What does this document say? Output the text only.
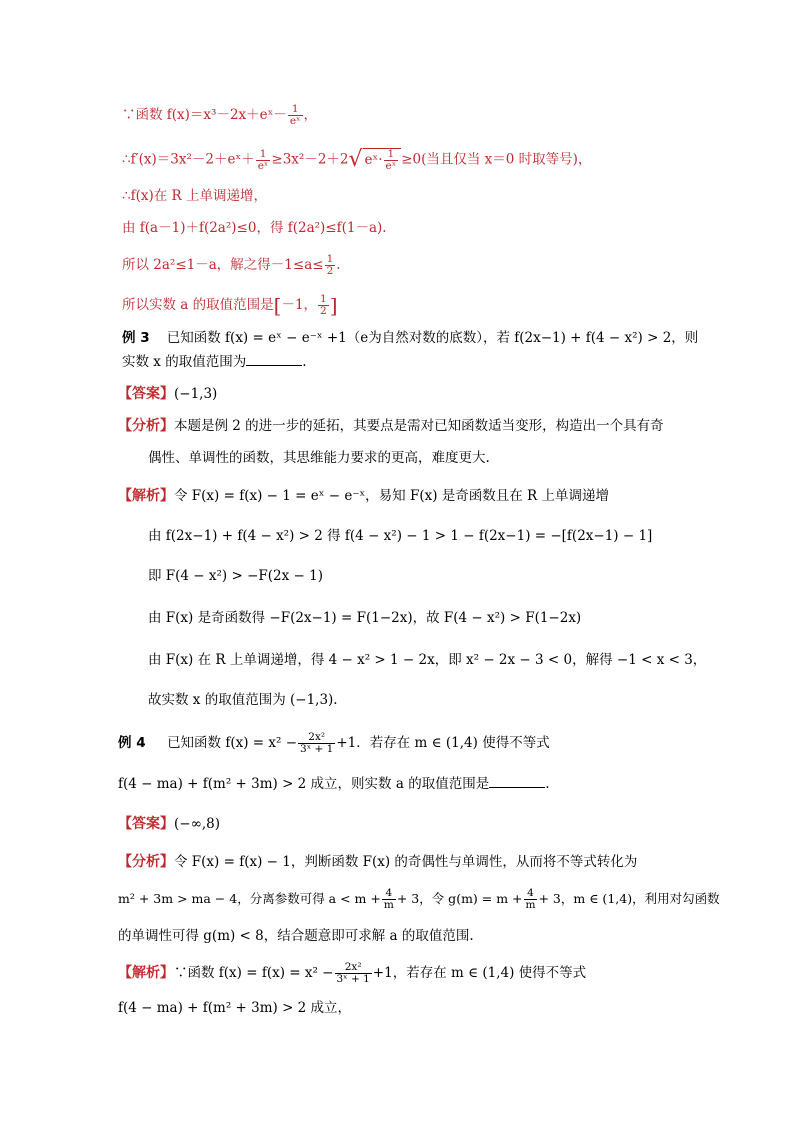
∵函数 f(x)＝x³－2x＋eˣ－ $\frac{1}{\text{eˣ}}$ ，
∴f′(x)＝3x²－2＋eˣ＋ $\frac{1}{\text{eˣ}} \ge 3x^2-2+2√$ eˣ· $\frac{1}{\text{eˣ}} \ge 0$(当且仅当 x＝0 时取等号)，
∴f(x)在 R 上单调递增，
由 f(a－1)＋f(2a²)≤0，得 f(2a²)≤f(1－a).
所以 2a²≤1－a，解之得$-1\le a\le \frac{1}{2}$ .
所以实数 a 的取值范围是[－1， $\frac{1}{2}$ ]
例 3 已知函数 f(x) = eˣ − e⁻ˣ +1（e为自然对数的底数），若 f(2x−1) + f(4 − x²) > 2，则
实数 x 的取值范围为	.
【答案】(−1,3)
【分析】本题是例 2 的进一步的延拓，其要点是需对已知函数适当变形，构造出一个具有奇
偶性、单调性的函数，其思维能力要求的更高，难度更大.
【解析】令 F(x) = f(x) − 1 = eˣ − e⁻ˣ，易知 F(x) 是奇函数且在 R 上单调递增
由 f(2x−1) + f(4 − x²) > 2 得 f(4 − x²) − 1 > 1 − f(2x−1) = −[f(2x−1) − 1]
即 F(4 − x²) > −F(2x − 1)
由 F(x) 是奇函数得 −F(2x−1) = F(1−2x)，故 F(4 − x²) > F(1−2x)
由 F(x) 在 R 上单调递增，得 4 − x² > 1 − 2x，即 x² − 2x − 3 < 0，解得 −1 < x < 3，
故实数 x 的取值范围为 (−1,3).
例 4 已知函数 $f(x) = x^2 - \frac{\text{2x²}}{\text{3ˣ + 1}} +1$．若存在 m ∈ (1,4) 使得不等式
f(4 − ma) + f(m² + 3m) > 2 成立，则实数 a 的取值范围是	.
【答案】(−∞,8)
【分析】令 F(x) = f(x) − 1，判断函数 F(x) 的奇偶性与单调性，从而将不等式转化为
m² + 3m > ma − 4，分离参数可得 $a < m + \frac{4}{m} + 3$，令 $g(m) = m + \frac{4}{m} + 3$，m ∈ (1,4)，利用对勾函数
的单调性可得 g(m) < 8，结合题意即可求解 a 的取值范围.
【解析】∵函数 $f(x) = f(x) = x^2 - \frac{\text{2x²}}{\text{3ˣ + 1}} +1$，若存在 m ∈ (1,4) 使得不等式
f(4 − ma) + f(m² + 3m) > 2 成立，
